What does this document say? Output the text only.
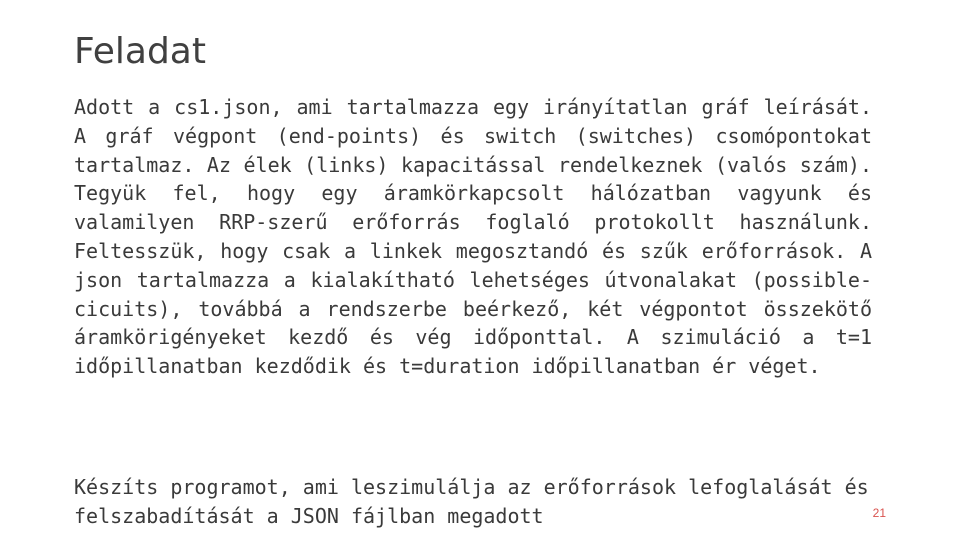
Feladat

Adott a cs1.json, ami tartalmazza egy irányítatlan gráf leírását. A gráf végpont (end-points) és switch (switches) csomópontokat tartalmaz. Az élek (links) kapacitással rendelkeznek (valós szám). Tegyük fel, hogy egy áramkörkapcsolt hálózatban vagyunk és valamilyen RRP-szerű erőforrás foglaló protokollt használunk. Feltesszük, hogy csak a linkek megosztandó és szűk erőforrások. A json tartalmazza a kialakítható lehetséges útvonalakat (possible-cicuits), továbbá a rendszerbe beérkező, két végpontot összekötő áramkörigényeket kezdő és vég időponttal. A szimuláció a t=1 időpillanatban kezdődik és t=duration időpillanatban ér véget.

Készíts programot, ami leszimulálja az erőforrások lefoglalását és felszabadítását a JSON fájlban megadott	21
